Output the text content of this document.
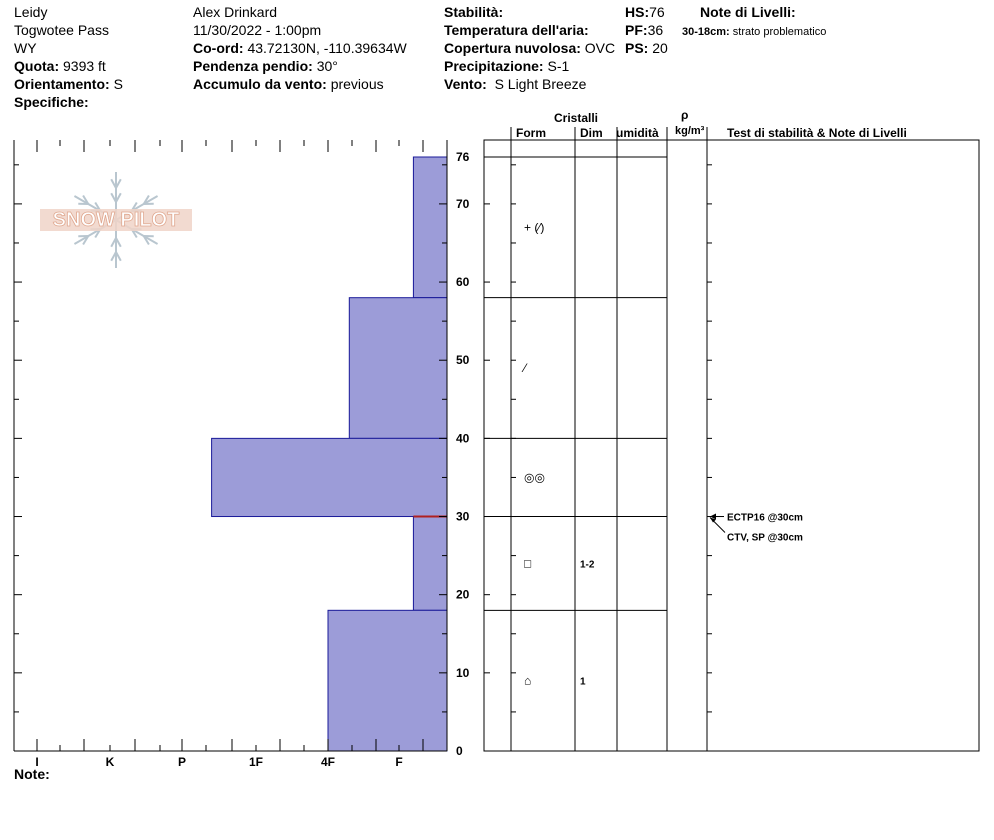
Leidy
Togwotee Pass
WY
Quota: 9393 ft
Orientamento: S
Specifiche:
Alex Drinkard
11/30/2022 - 1:00pm
Co-ord: 43.72130N, -110.39634W
Pendenza pendio: 30°
Accumulo da vento: previous
Stabilità:
Temperatura dell'aria:
Copertura nuvolosa: OVC
Precipitazione: S-1
Vento: S Light Breeze
HS:76
PF:36
PS: 20
Note di Livelli:
30-18cm: strato problematico
Cristalli
Form	Dim umidità
ρ
kg/m³ Test di stabilità & Note di Livelli
Note:
SNOW PILOT
0
10
20
30
40
50
60
70
76
I	K	P	1F	4F	F
+ (⁄)
⁄
◎◎
□	1-2
⌂	1
ECTP16 @30cm
CTV, SP @30cm
